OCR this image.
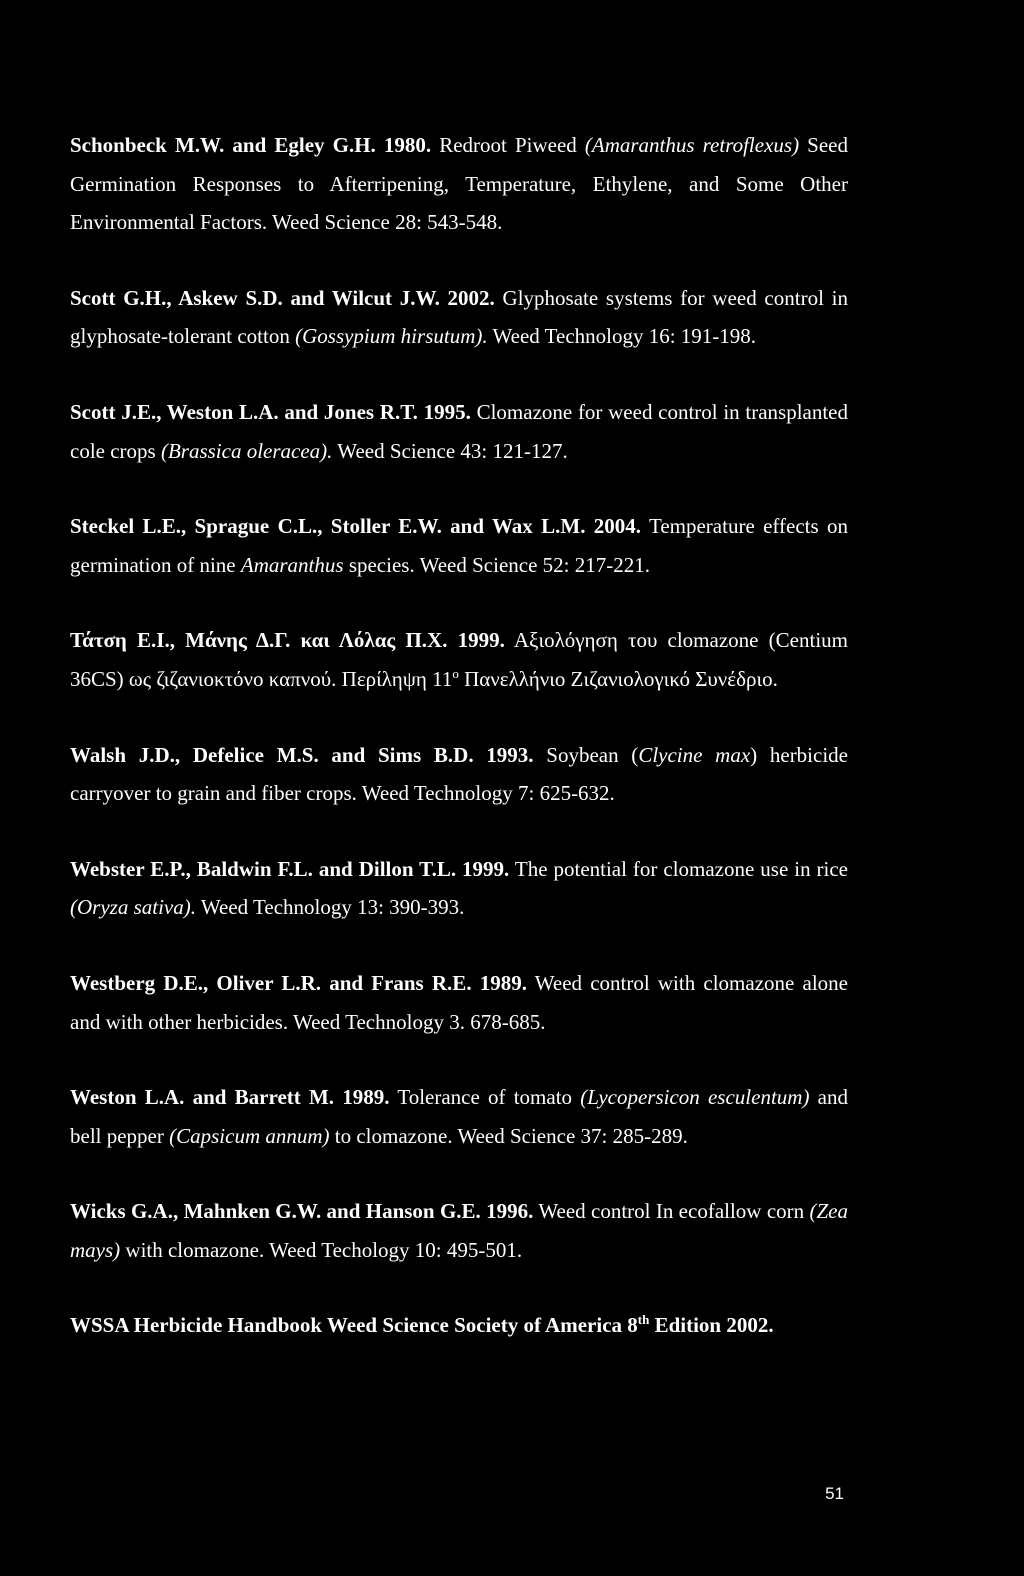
Schonbeck M.W. and Egley G.H. 1980. Redroot Piweed (Amaranthus retroflexus) Seed Germination Responses to Afterripening, Temperature, Ethylene, and Some Other Environmental Factors. Weed Science 28: 543-548.
Scott G.H., Askew S.D. and Wilcut J.W. 2002. Glyphosate systems for weed control in glyphosate-tolerant cotton (Gossypium hirsutum). Weed Technology 16: 191-198.
Scott J.E., Weston L.A. and Jones R.T. 1995. Clomazone for weed control in transplanted cole crops (Brassica oleracea). Weed Science 43: 121-127.
Steckel L.E., Sprague C.L., Stoller E.W. and Wax L.M. 2004. Temperature effects on germination of nine Amaranthus species. Weed Science 52: 217-221.
Τάτση Ε.Ι., Μάνης Δ.Γ. και Λόλας Π.Χ. 1999. Αξιολόγηση του clomazone (Centium 36CS) ως ζιζανιοκτόνο καπνού. Περίληψη 11$^o$ Πανελλήνιο Ζιζανιολογικό Συνέδριο.
Walsh J.D., Defelice M.S. and Sims B.D. 1993. Soybean (Clycine max) herbicide carryover to grain and fiber crops. Weed Technology 7: 625-632.
Webster E.P., Baldwin F.L. and Dillon T.L. 1999. The potential for clomazone use in rice (Oryza sativa). Weed Technology 13: 390-393.
Westberg D.E., Oliver L.R. and Frans R.E. 1989. Weed control with clomazone alone and with other herbicides. Weed Technology 3. 678-685.
Weston L.A. and Barrett M. 1989. Tolerance of tomato (Lycopersicon esculentum) and bell pepper (Capsicum annum) to clomazone. Weed Science 37: 285-289.
Wicks G.A., Mahnken G.W. and Hanson G.E. 1996. Weed control In ecofallow corn (Zea mays) with clomazone. Weed Techology 10: 495-501.
WSSA Herbicide Handbook Weed Science Society of America 8th Edition 2002.
51
